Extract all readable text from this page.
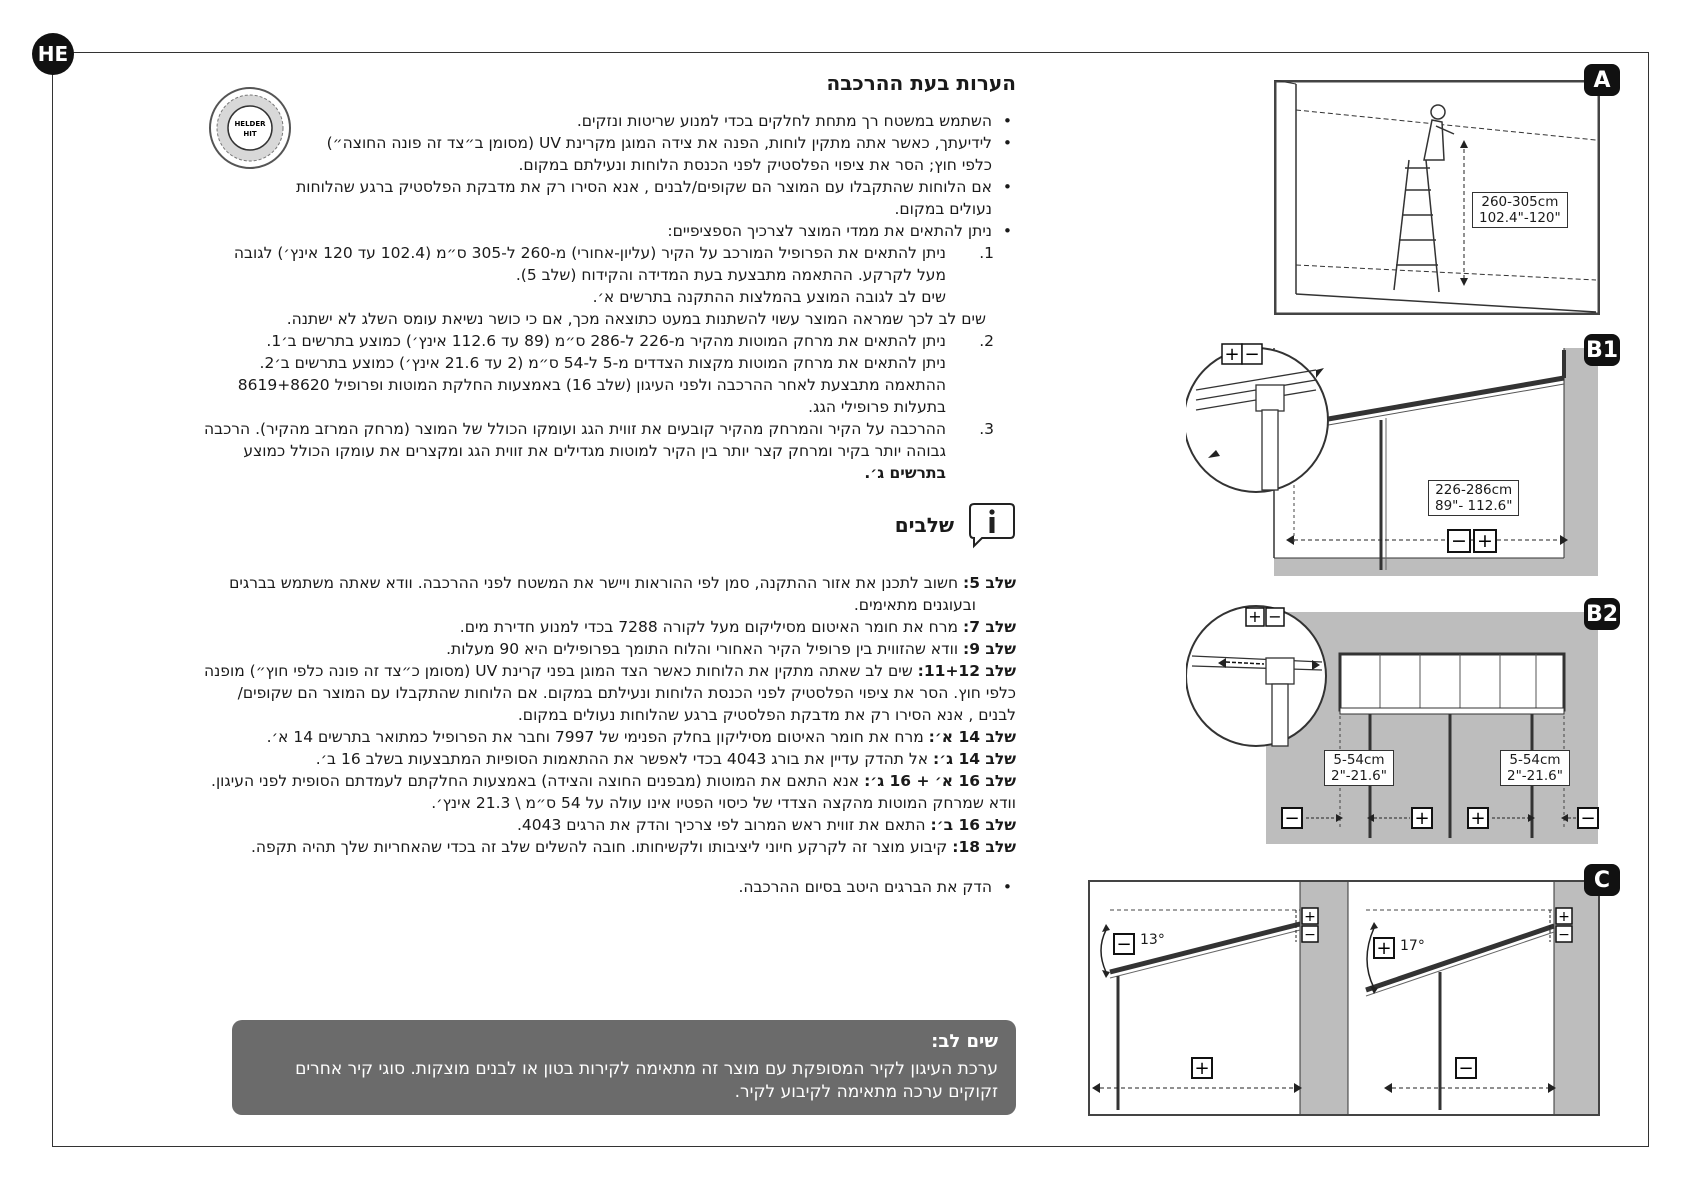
HE
HELDER
HIT
הערות בעת ההרכבה

• השתמש במשטח רך מתחת לחלקים בכדי למנוע שריטות ונזקים.

• לידיעתך, כאשר אתה מתקין לוחות, הפנה את צידה המוגן מקרינת UV (מסומן ב״צד זה פונה החוצה״)

כלפי חוץ; הסר את ציפוי הפלסטיק לפני הכנסת הלוחות ונעילתם במקום.

• אם הלוחות שהתקבלו עם המוצר הם שקופים/לבנים , אנא הסירו רק את מדבקת הפלסטיק ברגע שהלוחות

נעולים במקום.

• ניתן להתאים את ממדי המוצר לצרכיך הספציפיים:

1.
ניתן להתאים את הפרופיל המורכב על הקיר (עליון-אחורי) מ-260 ל-305 ס״מ (102.4 עד 120 אינץ׳) לגובה

מעל לקרקע. ההתאמה מתבצעת בעת המדידה והקידוח (שלב 5).

שים לב לגובה המוצע בהמלצות ההתקנה בתרשים א׳.

שים לב לכך שמראה המוצר עשוי להשתנות במעט כתוצאה מכך, אם כי כושר נשיאת עומס השלג לא ישתנה.

2.
ניתן להתאים את מרחק המוטות מהקיר מ-226 ל-286 ס״מ (89 עד 112.6 אינץ׳) כמוצע בתרשים ב׳1.

ניתן להתאים את מרחק המוטות מקצות הצדדים מ-5 ל-54 ס״מ (2 עד 21.6 אינץ׳) כמוצע בתרשים ב׳2.

ההתאמה מתבצעת לאחר ההרכבה ולפני העיגון (שלב 16) באמצעות החלקת המוטות ופרופיל 8619+8620

בתעלות פרופילי הגג.

3.
ההרכבה על הקיר והמרחק מהקיר קובעים את זווית הגג ועומקו הכולל של המוצר (מרחק המרזב מהקיר). הרכבה

גבוהה יותר בקיר ומרחק קצר יותר בין הקיר למוטות מגדילים את זווית הגג ומקצרים את עומקו הכולל כמוצע

בתרשים ג׳.

שלבים

שלב 5: חשוב לתכנן את אזור ההתקנה, סמן לפי ההוראות ויישר את המשטח לפני ההרכבה. וודא שאתה משתמש בברגים

ובעוגנים מתאימים.

שלב 7: מרח את חומר האיטום מסיליקום מעל לקורה 7288 בכדי למנוע חדירת מים.

שלב 9: וודא שהזווית בין פרופיל הקיר האחורי והלוח התומך בפרופילים היא 90 מעלות.

שלב 11+12: שים לב שאתה מתקין את הלוחות כאשר הצד המוגן בפני קרינת UV (מסומן כ״צד זה פונה כלפי חוץ״) מופנה

כלפי חוץ. הסר את ציפוי הפלסטיק לפני הכנסת הלוחות ונעילתם במקום. אם הלוחות שהתקבלו עם המוצר הם שקופים/

לבנים , אנא הסירו רק את מדבקת הפלסטיק ברגע שהלוחות נעולים במקום.

שלב 14 א׳: מרח את חומר האיטום מסיליקון בחלק הפנימי של 7997 וחבר את הפרופיל כמתואר בתרשים 14 א׳.

שלב 14 ג׳: אל תהדק עדיין את בורג 4043 בכדי לאפשר את ההתאמות הסופיות המתבצעות בשלב 16 ב׳.

שלב 16 א׳ + 16 ג׳: אנא התאם את המוטות (מבפנים החוצה והצידה) באמצעות החלקתם לעמדתם הסופית לפני העיגון.

וודא שמרחק המוטות מהקצה הצדדי של כיסוי הפטיו אינו עולה על 54 ס״מ \ 21.3 אינץ׳.

שלב 16 ב׳: התאם את זווית ראש המרוב לפי צרכיך והדק את הרגים 4043.

שלב 18: קיבוע מוצר זה לקרקע חיוני ליציבותו ולקשיחותו. חובה להשלים שלב זה בכדי שהאחריות שלך תהיה תקפה.

• הדק את הברגים היטב בסיום ההרכבה.

שים לב:
ערכת העיגון לקיר המסופקת עם מוצר זה מתאימה לקירות בטון או לבנים מוצקות. סוגי קיר אחרים
זקוקים ערכה מתאימה לקיבוע לקיר.
260-305cm
102.4"-120"
A
+ −
− +
226-286cm
89"- 112.6"
B1
+ −
−	+ +	−
5-54cm
2"-21.6"
5-54cm
2"-21.6"
B2
−
+
+
−
+
−
+
−
13°	17°
C
